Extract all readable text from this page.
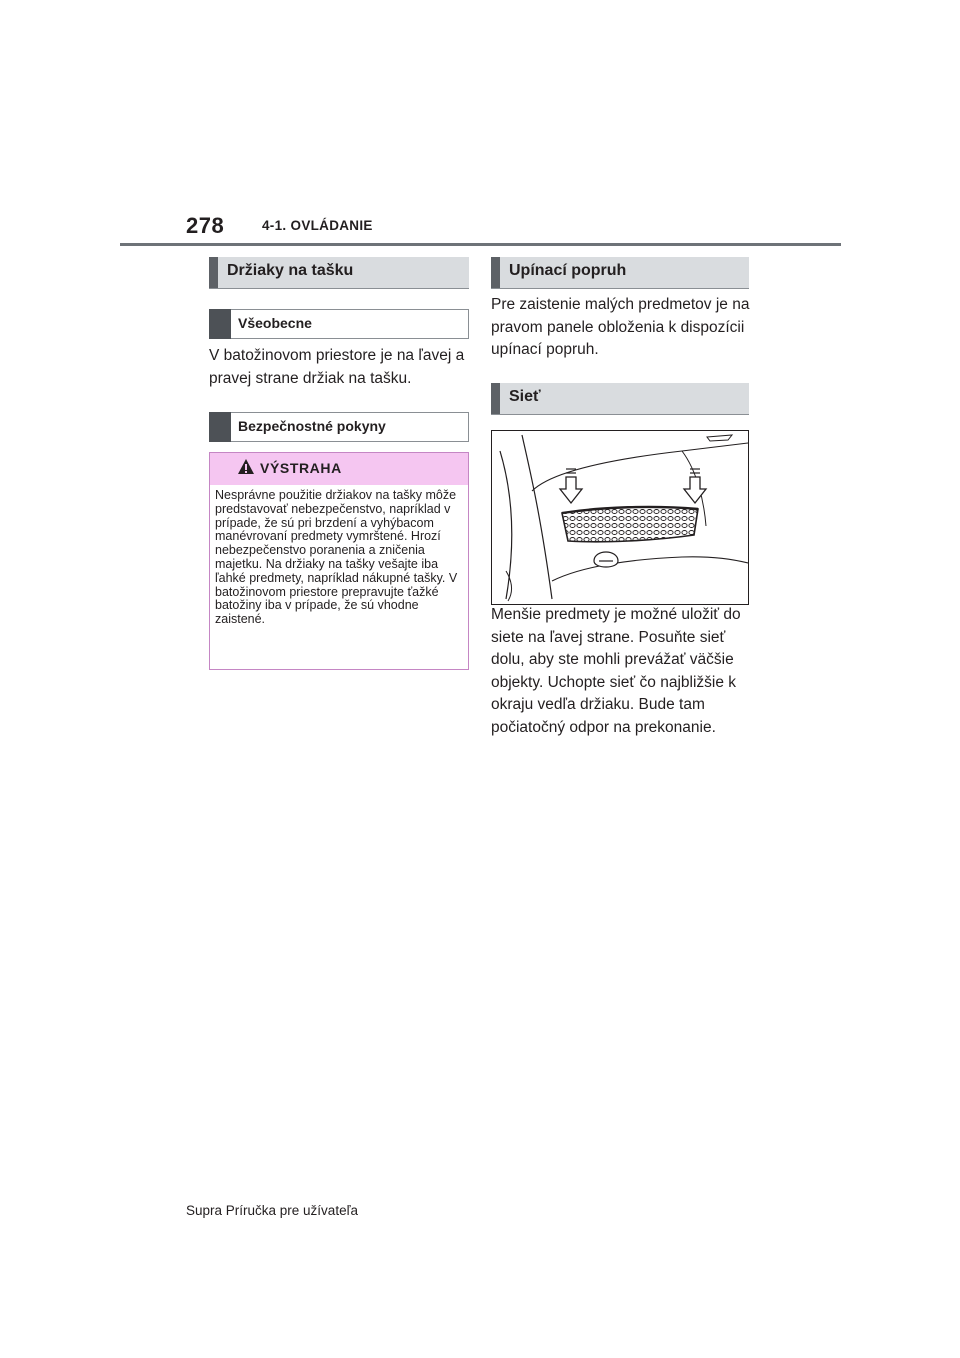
278	4-1. OVLÁDANIE
Držiaky na tašku
Všeobecne

V batožinovom priestore je na ľavej a pravej strane držiak na tašku.

Bezpečnostné pokyny
VÝSTRAHA

Nesprávne použitie držiakov na tašky môže predstavovať nebezpečenstvo, napríklad v prípade, že sú pri brzdení a vyhýbacom manévrovaní predmety vymrštené. Hrozí nebezpečenstvo poranenia a zničenia majetku. Na držiaky na tašky vešajte iba ľahké predmety, napríklad nákupné tašky. V batožinovom priestore prepravujte ťažké batožiny iba v prípade, že sú vhodne zaistené.

Upínací popruh

Pre zaistenie malých predmetov je na pravom panele obloženia k dispozícii upínací popruh.

Sieť

Menšie predmety je možné uložiť do siete na ľavej strane. Posuňte sieť dolu, aby ste mohli prevážať väčšie objekty. Uchopte sieť čo najbližšie k okraju vedľa držiaku. Bude tam počiatočný odpor na prekonanie.

Supra Príručka pre užívateľa
